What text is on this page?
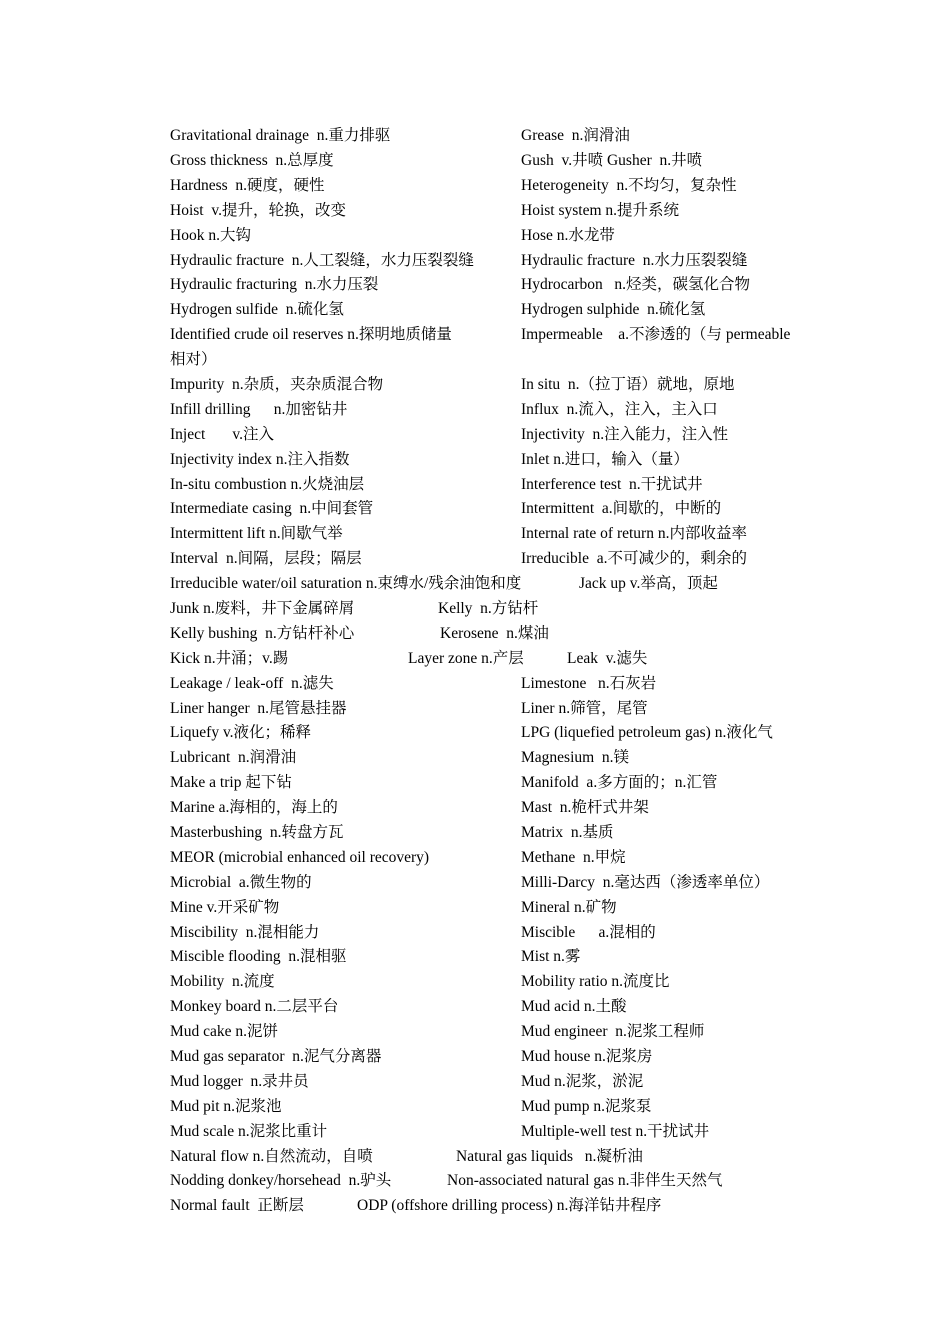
Gravitational drainage  n.重力排驱	Grease  n.润滑油
Gross thickness  n.总厚度	Gush  v.井喷 Gusher  n.井喷
Hardness  n.硬度，硬性	Heterogeneity  n.不均匀，复杂性
Hoist  v.提升，轮换，改变	Hoist system n.提升系统
Hook n.大钩	Hose n.水龙带
Hydraulic fracture  n.人工裂缝，水力压裂裂缝	Hydraulic fracture  n.水力压裂裂缝
Hydraulic fracturing  n.水力压裂	Hydrocarbon   n.烃类，碳氢化合物
Hydrogen sulfide  n.硫化氢	Hydrogen sulphide  n.硫化氢
Identified crude oil reserves n.探明地质储量	Impermeable    a.不渗透的（与 permeable
相对）
Impurity  n.杂质，夹杂质混合物	In situ  n.（拉丁语）就地，原地
Infill drilling      n.加密钻井	Influx  n.流入，注入，主入口
Inject       v.注入	Injectivity  n.注入能力，注入性
Injectivity index n.注入指数	Inlet n.进口，输入（量）
In-situ combustion n.火烧油层	Interference test  n.干扰试井
Intermediate casing  n.中间套管	Intermittent  a.间歇的，中断的
Intermittent lift n.间歇气举	Internal rate of return n.内部收益率
Interval  n.间隔，层段；隔层	Irreducible  a.不可减少的，剩余的
Irreducible water/oil saturation n.束缚水/残余油饱和度	Jack up v.举高，顶起
Junk n.废料，井下金属碎屑	Kelly  n.方钻杆
Kelly bushing  n.方钻杆补心	Kerosene  n.煤油
Kick n.井涌；v.踢	Layer zone n.产层	Leak  v.滤失
Leakage / leak-off  n.滤失	Limestone   n.石灰岩
Liner hanger  n.尾管悬挂器	Liner n.筛管，尾管
Liquefy v.液化；稀释	LPG (liquefied petroleum gas) n.液化气
Lubricant  n.润滑油	Magnesium  n.镁
Make a trip 起下钻	Manifold  a.多方面的；n.汇管
Marine a.海相的，海上的	Mast  n.桅杆式井架
Masterbushing  n.转盘方瓦	Matrix  n.基质
MEOR (microbial enhanced oil recovery)	Methane  n.甲烷
Microbial  a.微生物的	Milli-Darcy  n.毫达西（渗透率单位）
Mine v.开采矿物	Mineral n.矿物
Miscibility  n.混相能力	Miscible      a.混相的
Miscible flooding  n.混相驱	Mist n.雾
Mobility  n.流度	Mobility ratio n.流度比
Monkey board n.二层平台	Mud acid n.土酸
Mud cake n.泥饼	Mud engineer  n.泥浆工程师
Mud gas separator  n.泥气分离器	Mud house n.泥浆房
Mud logger  n.录井员	Mud n.泥浆，淤泥
Mud pit n.泥浆池	Mud pump n.泥浆泵
Mud scale n.泥浆比重计	Multiple-well test n.干扰试井
Natural flow n.自然流动，自喷	Natural gas liquids   n.凝析油
Nodding donkey/horsehead  n.驴头	Non-associated natural gas n.非伴生天然气
Normal fault  正断层	ODP (offshore drilling process) n.海洋钻井程序
